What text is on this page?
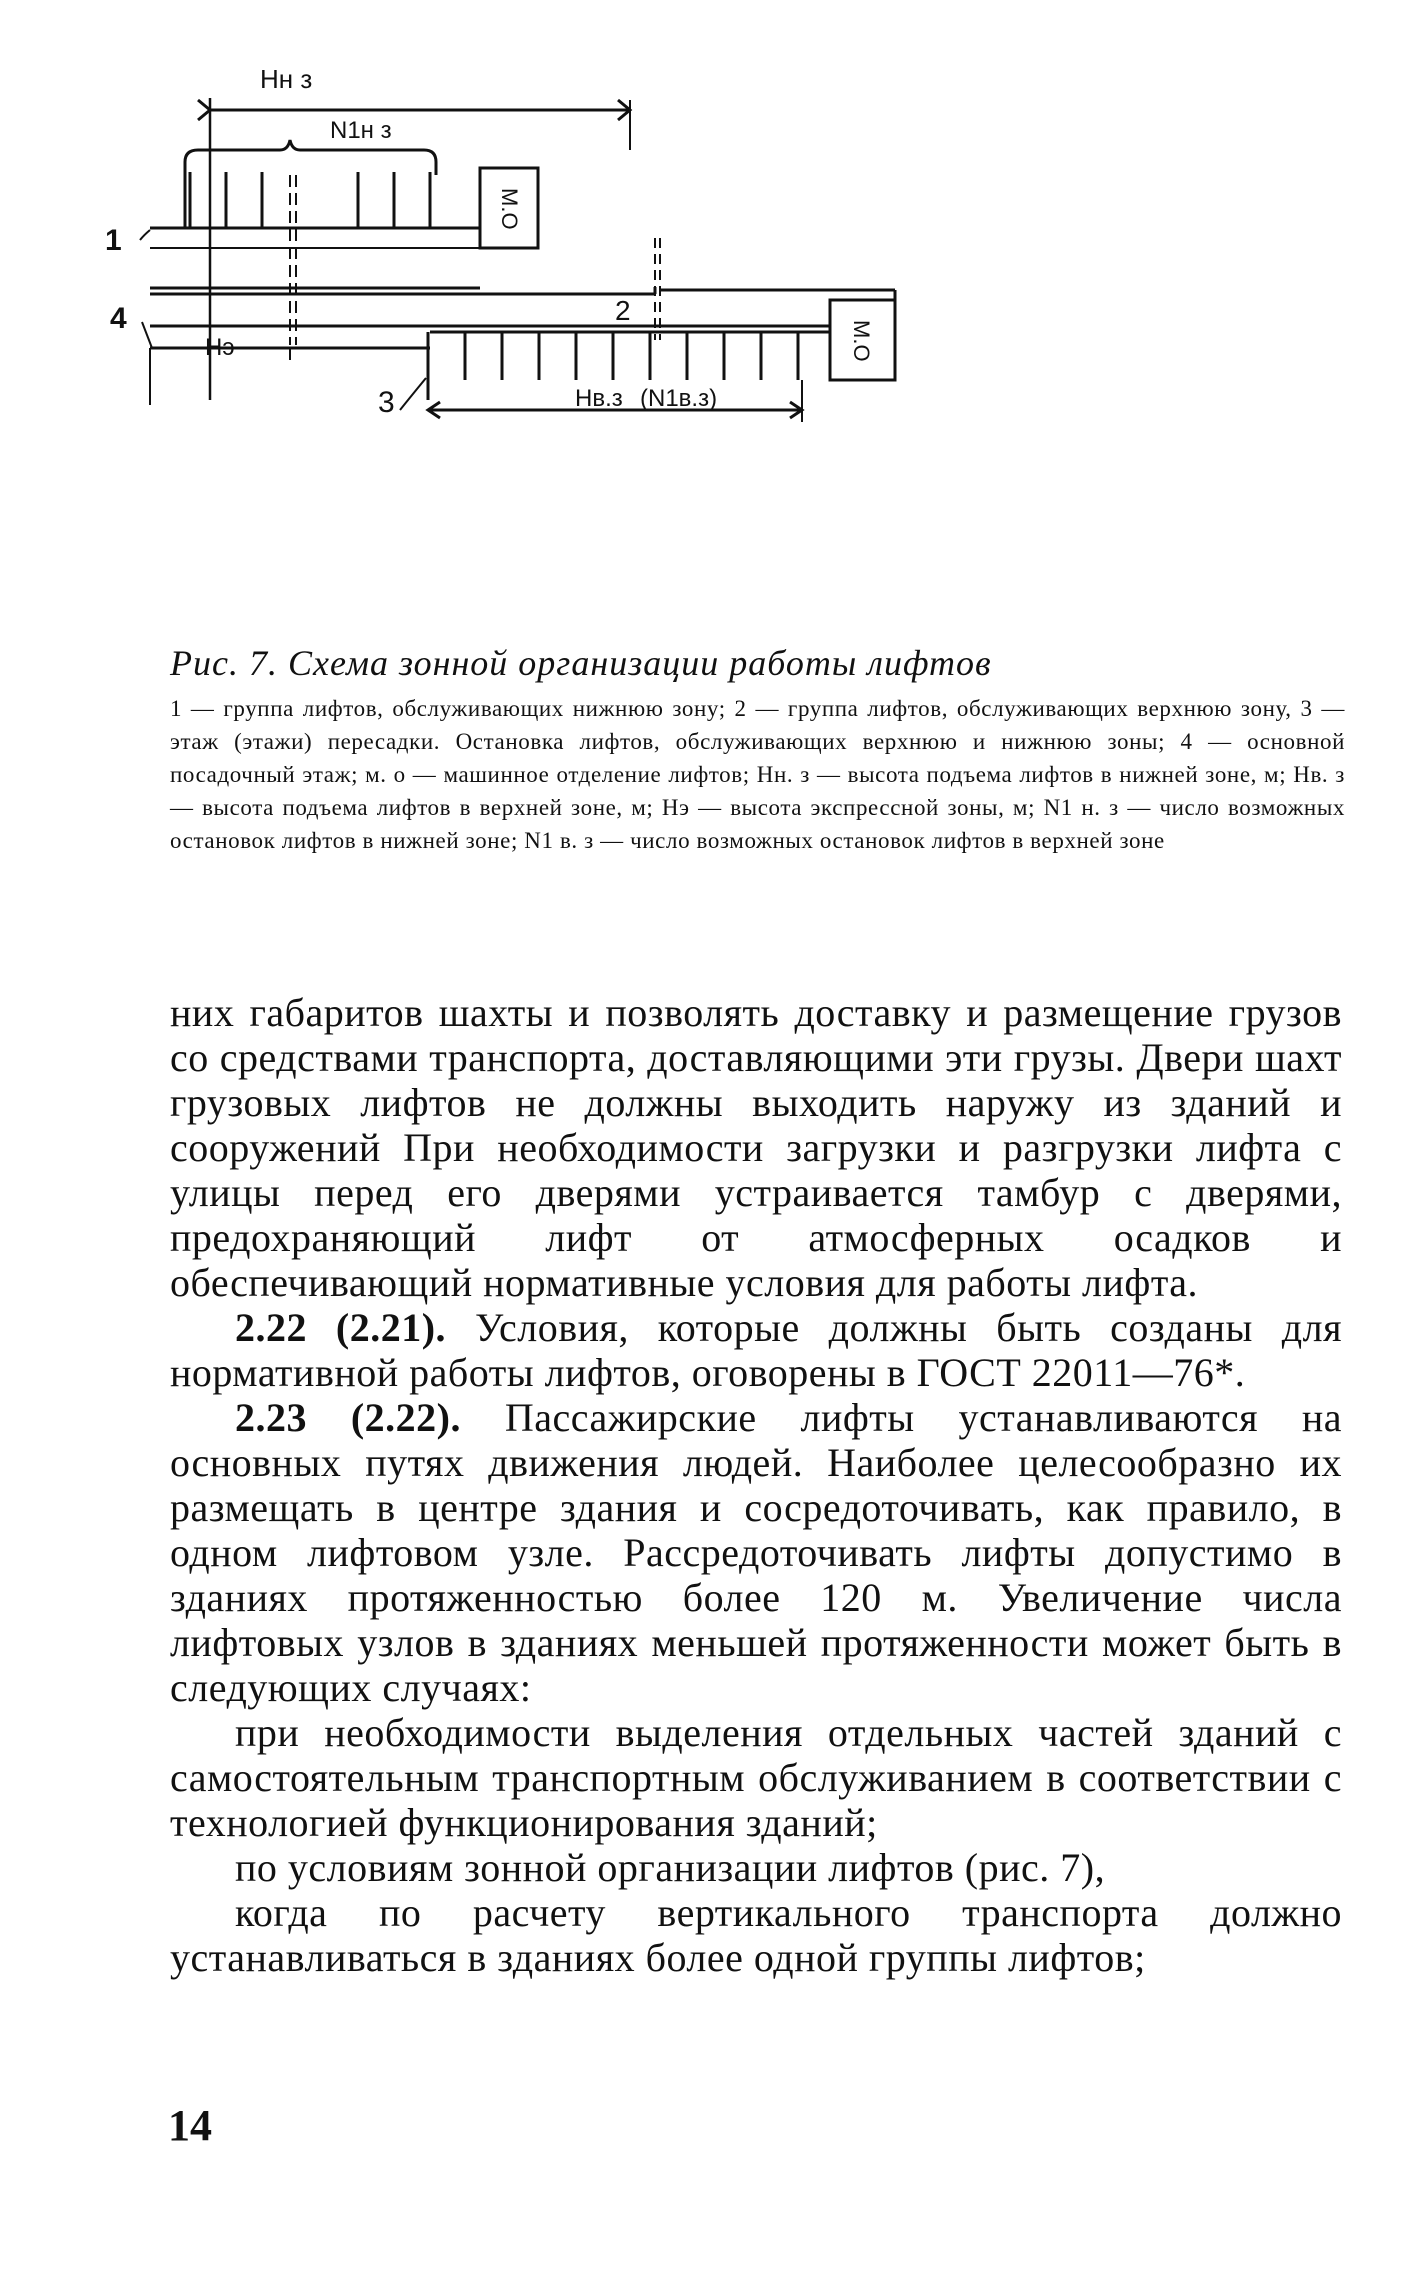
Hн з
N1н з
1
4	2
Hэ
3	Hв.з (N1в.з)
М.О
М.О
Рис. 7. Схема зонной организации работы лифтов
1 — группа лифтов, обслуживающих нижнюю зону; 2 — группа лифтов, обслуживающих верхнюю зону, 3 — этаж (этажи) пересадки. Остановка лифтов, обслуживающих верхнюю и нижнюю зоны; 4 — основной посадочный этаж; м. о — машинное отделение лифтов; Hн. з — высота подъема лифтов в нижней зоне, м; Hв. з — высота подъема лифтов в верхней зоне, м; Hэ — высота экспрессной зоны, м; N1 н. з — число возможных остановок лифтов в нижней зоне; N1 в. з — число возможных остановок лифтов в верхней зоне

них габаритов шахты и позволять доставку и размещение грузов со средствами транспорта, доставляющими эти грузы. Двери шахт грузовых лифтов не должны выходить наружу из зданий и сооружений При необходимости загрузки и разгрузки лифта с улицы перед его дверями устраивается тамбур с дверями, предохраняющий лифт от атмосферных осадков и обеспечивающий нормативные условия для работы лифта.

2.22 (2.21). Условия, которые должны быть созданы для нормативной работы лифтов, оговорены в ГОСТ 22011—76*.

2.23 (2.22). Пассажирские лифты устанавливаются на основных путях движения людей. Наиболее целесообразно их размещать в центре здания и сосредоточивать, как правило, в одном лифтовом узле. Рассредоточивать лифты допустимо в зданиях протяженностью более 120 м. Увеличение числа лифтовых узлов в зданиях меньшей протяженности может быть в следующих случаях:

при необходимости выделения отдельных частей зданий с самостоятельным транспортным обслуживанием в соответствии с технологией функционирования зданий;

по условиям зонной организации лифтов (рис. 7),

когда по расчету вертикального транспорта должно устанавливаться в зданиях более одной группы лифтов;

14
